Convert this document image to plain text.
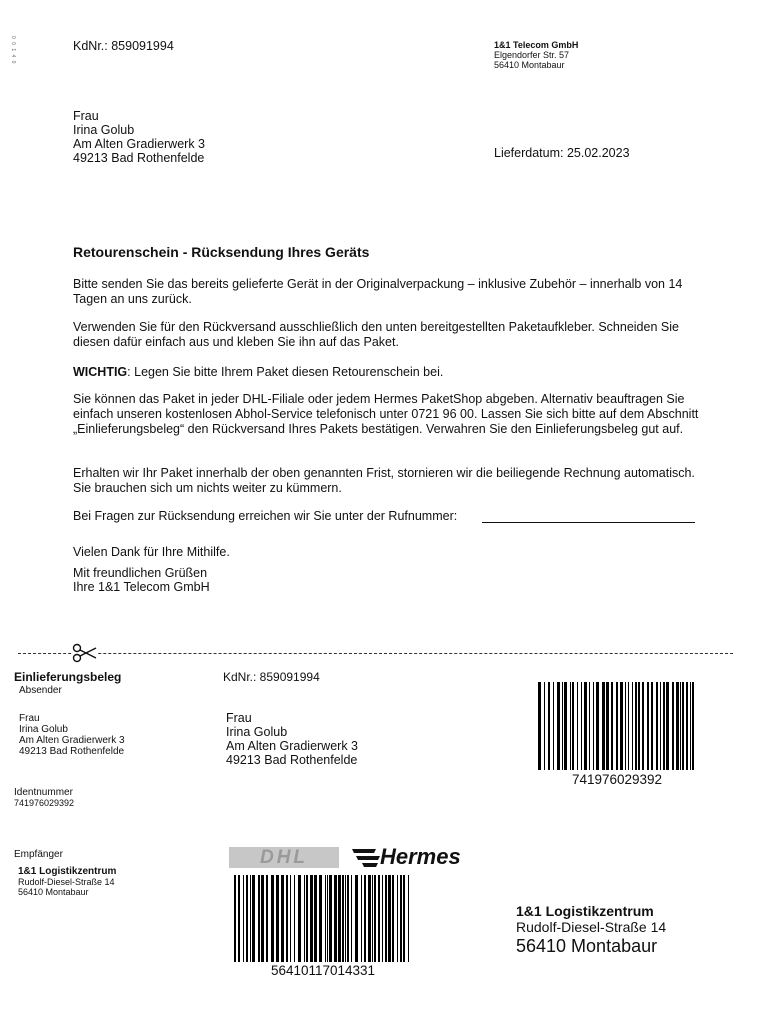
0 0 1 4 0	KdNr.: 859091994	1&1 Telecom GmbH
Elgendorfer Str. 57
56410 Montabaur
Frau
Irina Golub
Am Alten Gradierwerk 3
49213 Bad Rothenfelde	Lieferdatum: 25.02.2023
Retourenschein - Rücksendung Ihres Geräts
Bitte senden Sie das bereits gelieferte Gerät in der Originalverpackung – inklusive Zubehör – innerhalb von 14 Tagen an uns zurück.
Verwenden Sie für den Rückversand ausschließlich den unten bereitgestellten Paketaufkleber. Schneiden Sie diesen dafür einfach aus und kleben Sie ihn auf das Paket.
WICHTIG: Legen Sie bitte Ihrem Paket diesen Retourenschein bei.
Sie können das Paket in jeder DHL-Filiale oder jedem Hermes PaketShop abgeben. Alternativ beauftragen Sie einfach unseren kostenlosen Abhol-Service telefonisch unter 0721 96 00. Lassen Sie sich bitte auf dem Abschnitt „Einlieferungsbeleg“ den Rückversand Ihres Pakets bestätigen. Verwahren Sie den Einlieferungsbeleg gut auf.
Erhalten wir Ihr Paket innerhalb der oben genannten Frist, stornieren wir die beiliegende Rechnung automatisch. Sie brauchen sich um nichts weiter zu kümmern.
Bei Fragen zur Rücksendung erreichen wir Sie unter der Rufnummer:
Vielen Dank für Ihre Mithilfe.
Mit freundlichen Grüßen
Ihre 1&1 Telecom GmbH
Einlieferungsbeleg
Absender
KdNr.: 859091994
Frau
Irina Golub
Am Alten Gradierwerk 3
49213 Bad Rothenfelde
Frau
Irina Golub
Am Alten Gradierwerk 3
49213 Bad Rothenfelde
Identnummer
741976029392
Empfänger
1&1 Logistikzentrum
Rudolf-Diesel-Straße 14
56410 Montabaur
741976029392
DHL	Hermes
56410117014331
1&1 Logistikzentrum
Rudolf-Diesel-Straße 14
56410 Montabaur
